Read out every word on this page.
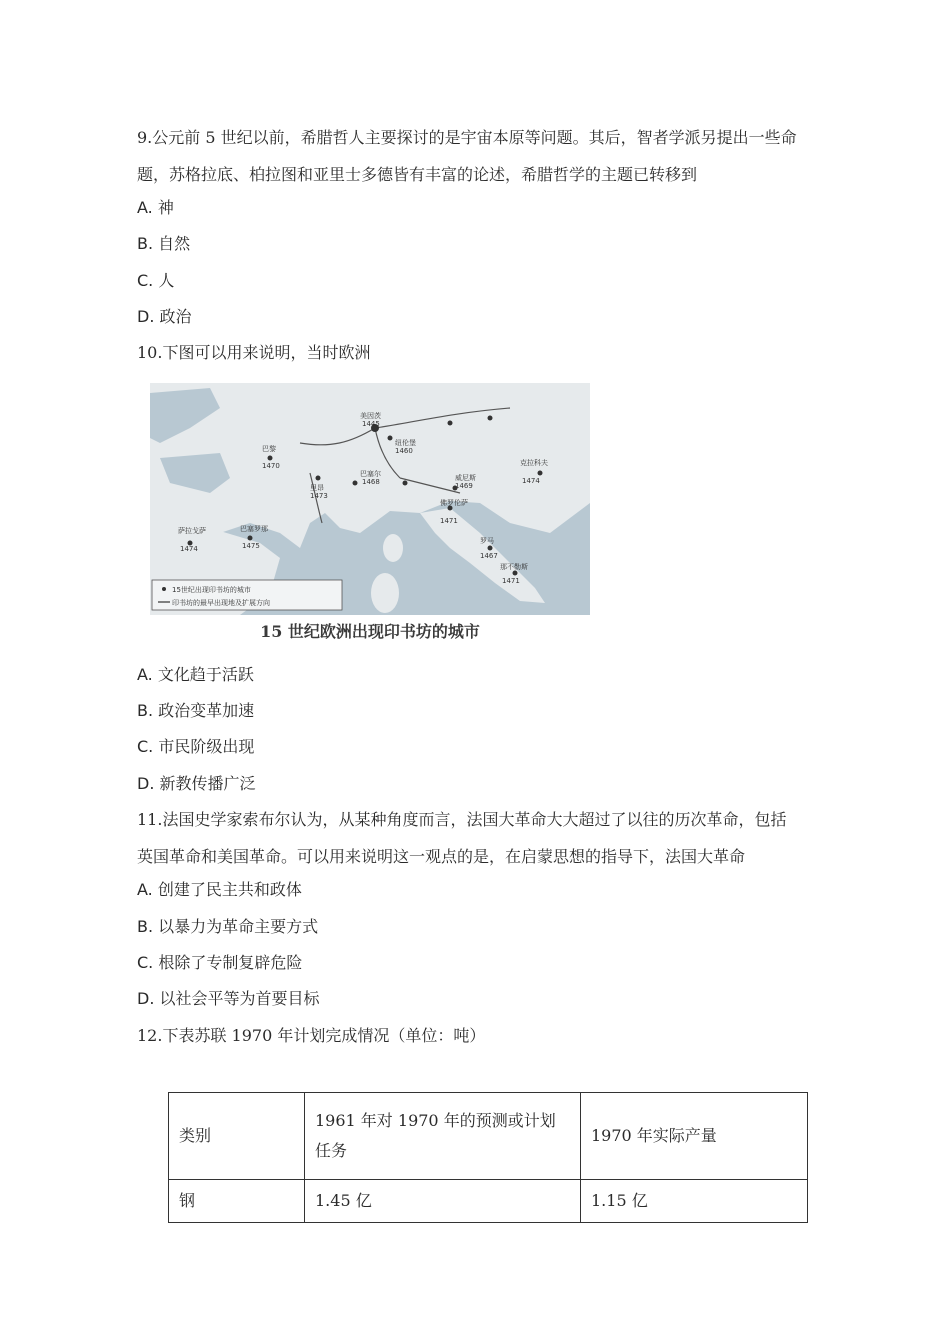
9.公元前 5 世纪以前，希腊哲人主要探讨的是宇宙本原等问题。其后，智者学派另提出一些命
题，苏格拉底、柏拉图和亚里士多德皆有丰富的论述，希腊哲学的主题已转移到
A. 神
B. 自然
C. 人
D. 政治
10.下图可以用来说明，当时欧洲
美因茨
1445
纽伦堡
1460
巴塞尔
1468
巴黎
1470
里昂
1473
威尼斯
1469
佛罗伦萨
1471
罗马
1467
那不勒斯
1471
巴塞罗那
1475
萨拉戈萨
1474
克拉科夫
1474
15世纪出现印书坊的城市
印书坊的最早出现地及扩展方向
15 世纪欧洲出现印书坊的城市
A. 文化趋于活跃
B. 政治变革加速
C. 市民阶级出现
D. 新教传播广泛
11.法国史学家索布尔认为，从某种角度而言，法国大革命大大超过了以往的历次革命，包括
英国革命和美国革命。可以用来说明这一观点的是，在启蒙思想的指导下，法国大革命
A. 创建了民主共和政体
B. 以暴力为革命主要方式
C. 根除了专制复辟危险
D. 以社会平等为首要目标
12.下表苏联 1970 年计划完成情况（单位：吨）
类别	1961 年对 1970 年的预测或计划任务	1970 年实际产量
钢	1.45 亿	1.15 亿
